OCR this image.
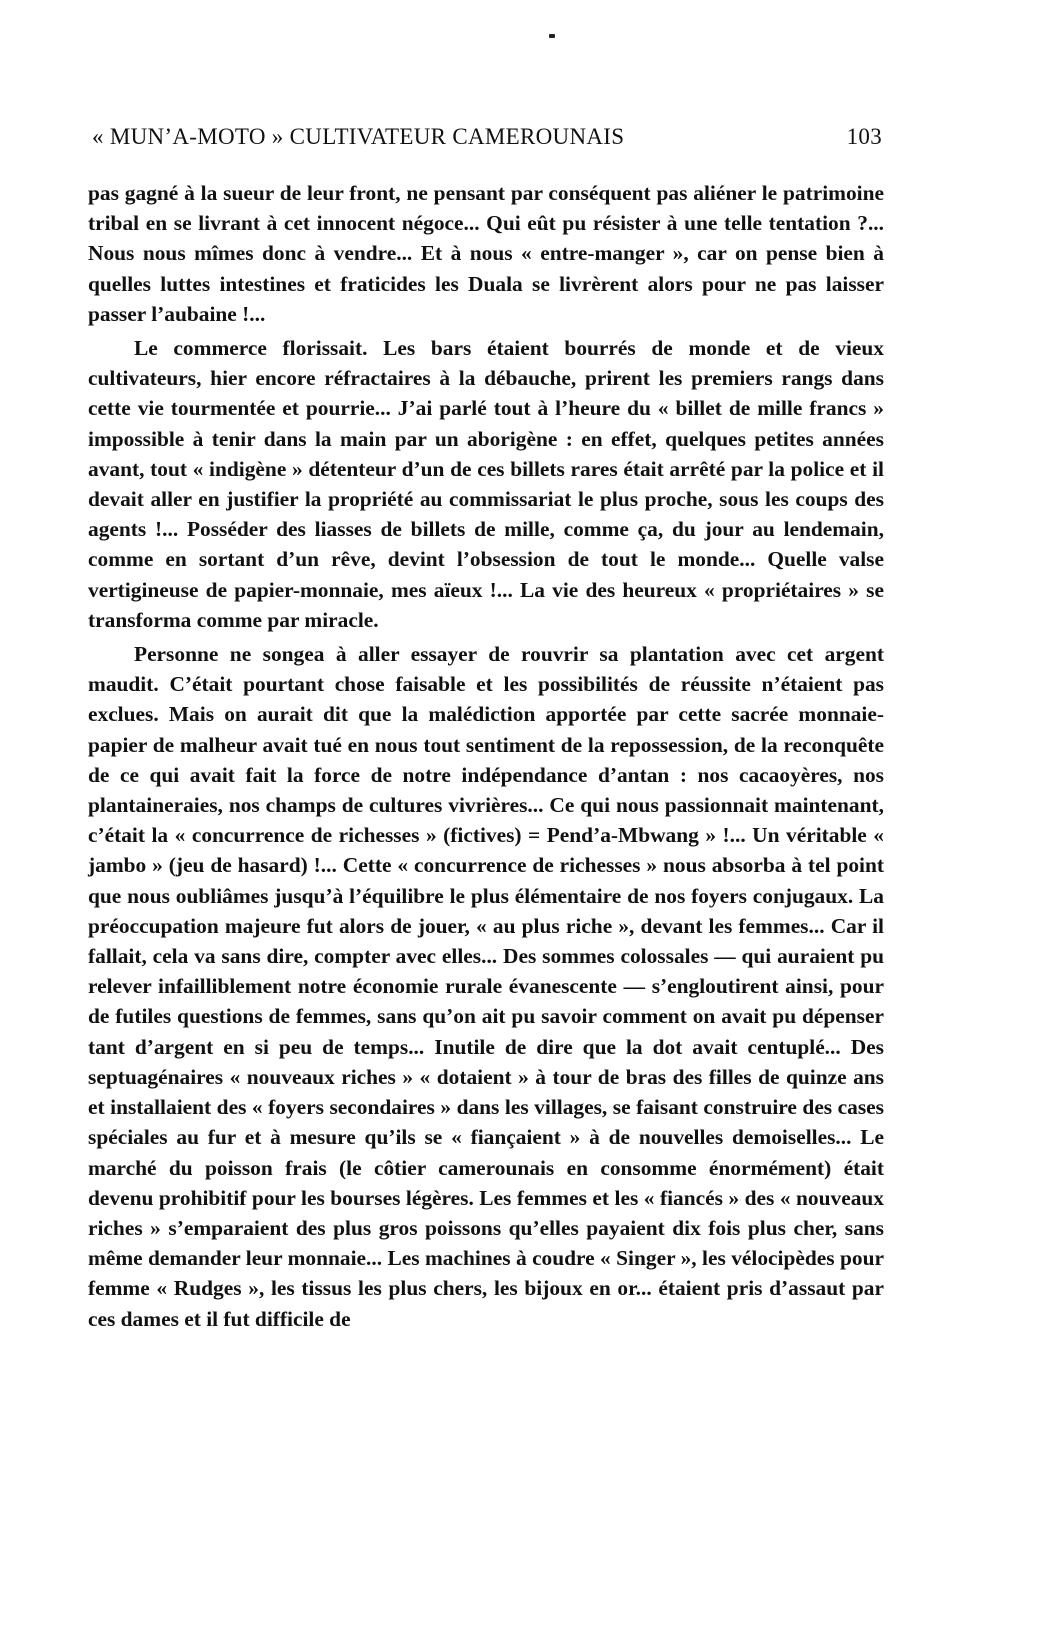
« MUN’A-MOTO » CULTIVATEUR CAMEROUNAIS	103

pas gagné à la sueur de leur front, ne pensant par conséquent pas aliéner le patrimoine tribal en se livrant à cet innocent négoce... Qui eût pu résister à une telle tentation ?... Nous nous mîmes donc à vendre... Et à nous « entre-manger », car on pense bien à quelles luttes intestines et fraticides les Duala se livrèrent alors pour ne pas laisser passer l’aubaine !...

Le commerce florissait. Les bars étaient bourrés de monde et de vieux cultivateurs, hier encore réfractaires à la débauche, prirent les premiers rangs dans cette vie tourmentée et pourrie... J’ai parlé tout à l’heure du « billet de mille francs » impossible à tenir dans la main par un aborigène : en effet, quelques petites années avant, tout « indigène » détenteur d’un de ces billets rares était arrêté par la police et il devait aller en justifier la propriété au commissariat le plus proche, sous les coups des agents !... Posséder des liasses de billets de mille, comme ça, du jour au lendemain, comme en sortant d’un rêve, devint l’obsession de tout le monde... Quelle valse vertigineuse de papier-monnaie, mes aïeux !... La vie des heureux « propriétaires » se transforma comme par miracle.

Personne ne songea à aller essayer de rouvrir sa plantation avec cet argent maudit. C’était pourtant chose faisable et les possibilités de réussite n’étaient pas exclues. Mais on aurait dit que la malédiction apportée par cette sacrée monnaie-papier de malheur avait tué en nous tout sentiment de la repossession, de la reconquête de ce qui avait fait la force de notre indépendance d’antan : nos cacaoyères, nos plantaineraies, nos champs de cultures vivrières... Ce qui nous passionnait maintenant, c’était la « concurrence de richesses » (fictives) = Pend’a-Mbwang » !... Un véritable « jambo » (jeu de hasard) !... Cette « concurrence de richesses » nous absorba à tel point que nous oubliâmes jusqu’à l’équilibre le plus élémentaire de nos foyers conjugaux. La préoccupation majeure fut alors de jouer, « au plus riche », devant les femmes... Car il fallait, cela va sans dire, compter avec elles... Des sommes colossales — qui auraient pu relever infailliblement notre économie rurale évanescente — s’engloutirent ainsi, pour de futiles questions de femmes, sans qu’on ait pu savoir comment on avait pu dépenser tant d’argent en si peu de temps... Inutile de dire que la dot avait centuplé... Des septuagénaires « nouveaux riches » « dotaient » à tour de bras des filles de quinze ans et installaient des « foyers secondaires » dans les villages, se faisant construire des cases spéciales au fur et à mesure qu’ils se « fiançaient » à de nouvelles demoiselles... Le marché du poisson frais (le côtier camerounais en consomme énormément) était devenu prohibitif pour les bourses légères. Les femmes et les « fiancés » des « nouveaux riches » s’emparaient des plus gros poissons qu’elles payaient dix fois plus cher, sans même demander leur monnaie... Les machines à coudre « Singer », les vélocipèdes pour femme « Rudges », les tissus les plus chers, les bijoux en or... étaient pris d’assaut par ces dames et il fut difficile de
